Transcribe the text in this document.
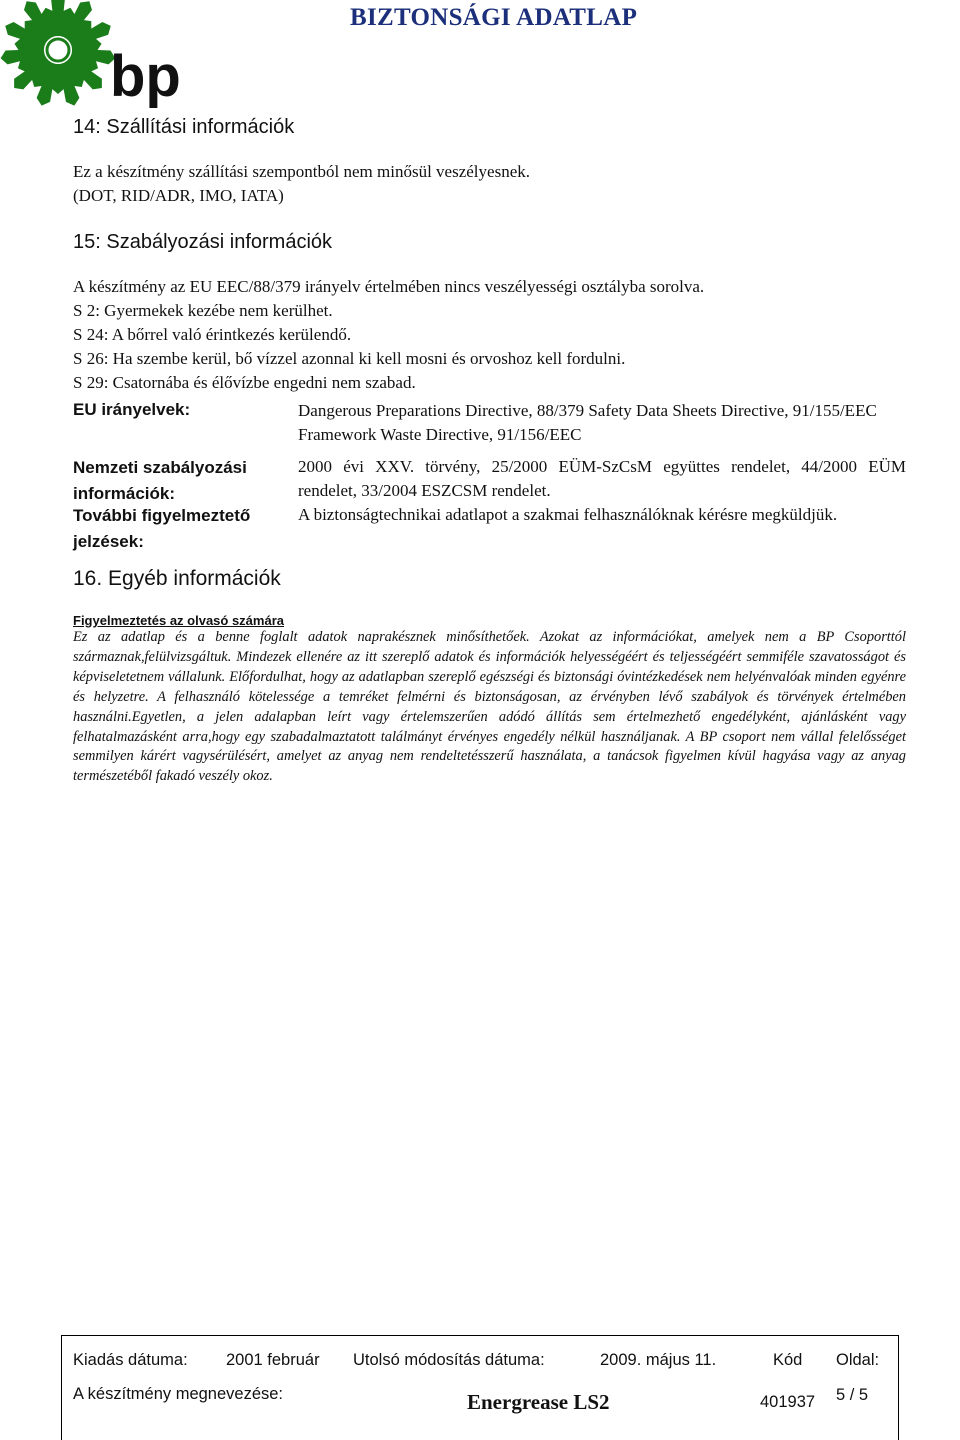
bp
BIZTONSÁGI ADATLAP
14: Szállítási információk
Ez a készítmény szállítási szempontból nem minősül veszélyesnek.
(DOT, RID/ADR, IMO, IATA)
15: Szabályozási információk
A készítmény az EU EEC/88/379 irányelv értelmében nincs veszélyességi osztályba sorolva.
S 2: Gyermekek kezébe nem kerülhet.
S 24: A bőrrel való érintkezés kerülendő.
S 26: Ha szembe kerül, bő vízzel azonnal ki kell mosni és orvoshoz kell fordulni.
S 29: Csatornába és élővízbe engedni nem szabad.
EU irányelvek:	Dangerous Preparations Directive, 88/379 Safety Data Sheets Directive, 91/155/EEC Framework Waste Directive, 91/156/EEC
Nemzeti szabályozási információk:
2000 évi XXV. törvény, 25/2000 EÜM-SzCsM együttes rendelet, 44/2000 EÜM rendelet, 33/2004 ESZCSM rendelet.
További figyelmeztető jelzések:
A biztonságtechnikai adatlapot a szakmai felhasználóknak kérésre megküldjük.
16. Egyéb információk
Figyelmeztetés az olvasó számára
Ez az adatlap és a benne foglalt adatok naprakésznek minősíthetőek. Azokat az információkat, amelyek nem a BP Csoporttól származnak,felülvizsgáltuk. Mindezek ellenére az itt szereplő adatok és információk helyességéért és teljességéért semmiféle szavatosságot és képviseletetnem vállalunk. Előfordulhat, hogy az adatlapban szereplő egészségi és biztonsági óvintézkedések nem helyénvalóak minden egyénre és helyzetre. A felhasználó kötelessége a temréket felmérni és biztonságosan, az érvényben lévő szabályok és törvények értelmében használni.Egyetlen, a jelen adalapban leírt vagy értelemszerűen adódó állítás sem értelmezhető engedélyként, ajánlásként vagy felhatalmazásként arra,hogy egy szabadalmaztatott találmányt érvényes engedély nélkül használjanak. A BP csoport nem vállal felelősséget semmilyen kárért vagysérülésért, amelyet az anyag nem rendeltetésszerű használata, a tanácsok figyelmen kívül hagyása vagy az anyag természetéből fakadó veszély okoz.
Kiadás dátuma: 2001 február Utolsó módosítás dátuma:	2009. május 11.	Kód Oldal:
A készítmény megnevezése:	Energrease LS2	401937 5 / 5
